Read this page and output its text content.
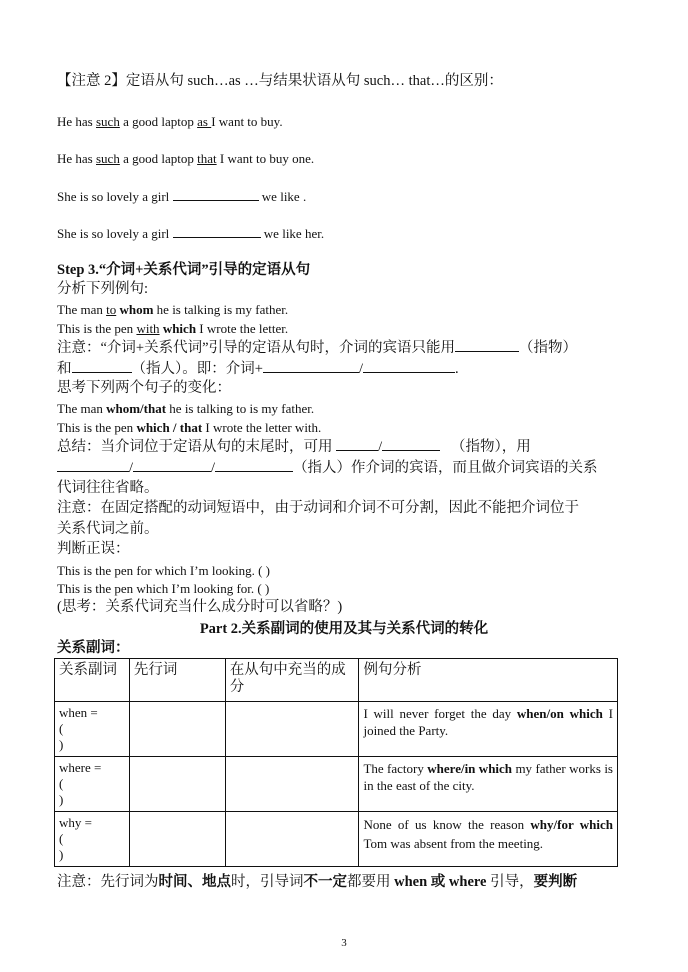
【注意 2】定语从句 such…as …与结果状语从句 such… that…的区别：
He has such a good laptop as I want to buy.
He has such a good laptop that I want to buy one.
She is so lovely a girl	we like .
She is so lovely a girl	we like her.
Step 3.“介词+关系代词”引导的定语从句
分析下列例句:
The man to whom he is talking is my father.
This is the pen with which I wrote the letter.
注意：“介词+关系代词”引导的定语从句时，介词的宾语只能用	（指物）
和	（指人）。即：介词+	/	.
思考下列两个句子的变化：
The man whom/that he is talking to is my father.
This is the pen which / that I wrote the letter with.
总结：当介词位于定语从句的末尾时，可用	/	（指物），用
/	/	（指人）作介词的宾语，而且做介词宾语的关系
代词往往省略。
注意：在固定搭配的动词短语中，由于动词和介词不可分割，因此不能把介词位于
关系代词之前。
判断正误：
This is the pen for which I’m looking. ( )
This is the pen which I’m looking for. ( )
(思考：关系代词充当什么成分时可以省略？)
Part 2.关系副词的使用及其与关系代词的转化
关系副词：
关系副词	先行词	在从句中充当的成分	例句分析

when =
(
)			I will never forget the day when/on which I joined the Party.

where =
(
)			The factory where/in which my father works is in the east of the city.

why =
(
)			None of us know the reason why/for which Tom was absent from the meeting.
注意：先行词为时间、地点时，引导词不一定都要用 when 或 where 引导，要判断
3
